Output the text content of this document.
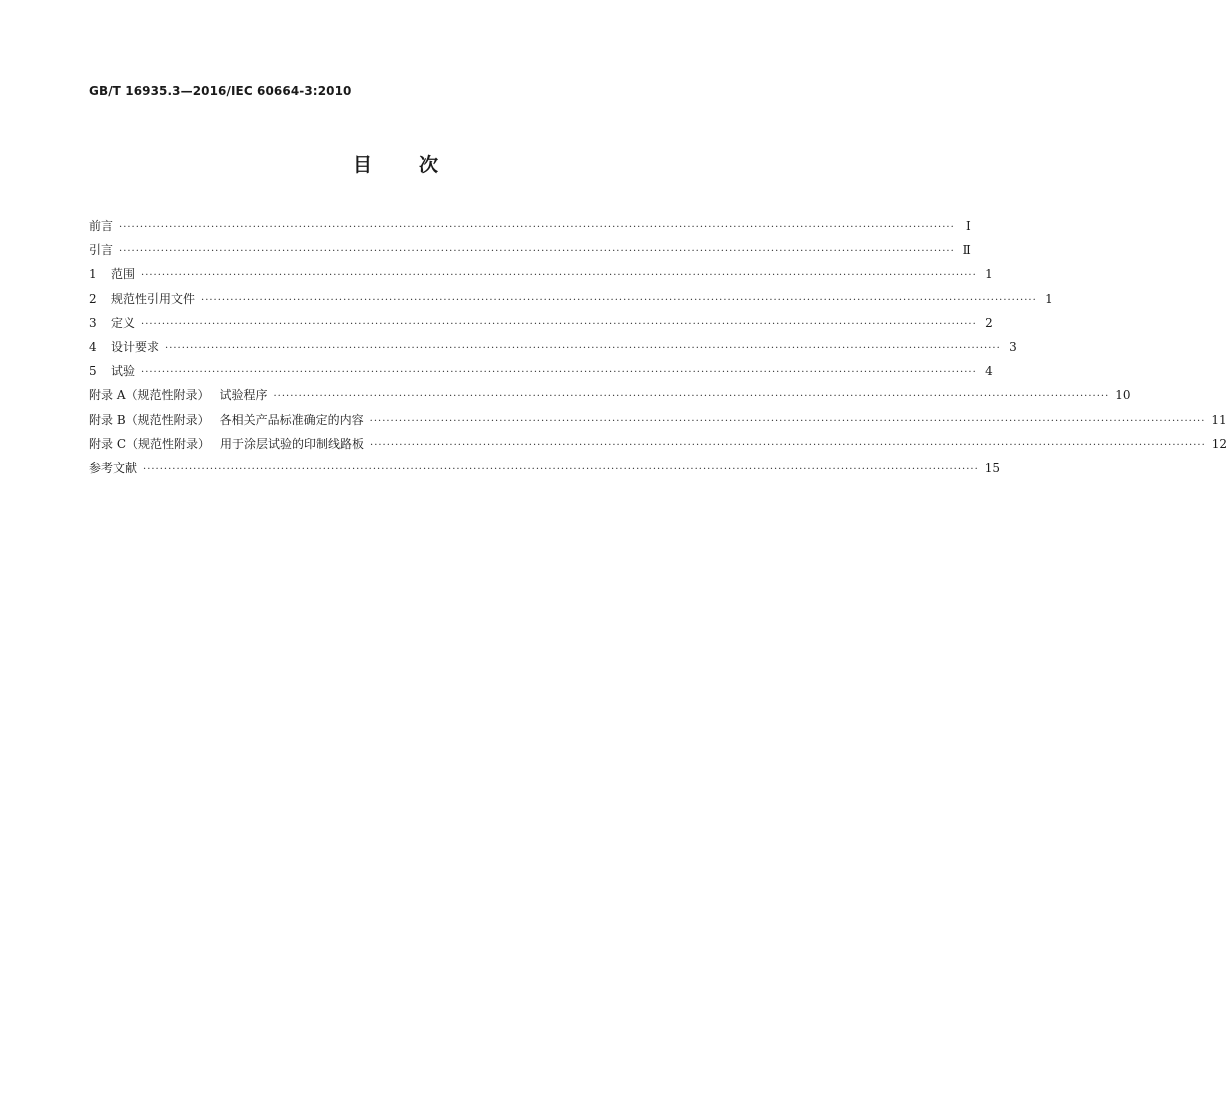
GB/T 16935.3—2016/IEC 60664-3:2010
目 次
前言 ········································································································································································································ Ⅰ
引言 ········································································································································································································ Ⅱ
1 范围 ········································································································································································································ 1
2 规范性引用文件 ········································································································································································································ 1
3 定义 ········································································································································································································ 2
4 设计要求 ········································································································································································································ 3
5 试验 ········································································································································································································ 4
附录 A（规范性附录） 试验程序 ········································································································································································································ 10
附录 B（规范性附录） 各相关产品标准确定的内容 ········································································································································································································ 11
附录 C（规范性附录） 用于涂层试验的印制线路板 ········································································································································································································ 12
参考文献 ········································································································································································································ 15
